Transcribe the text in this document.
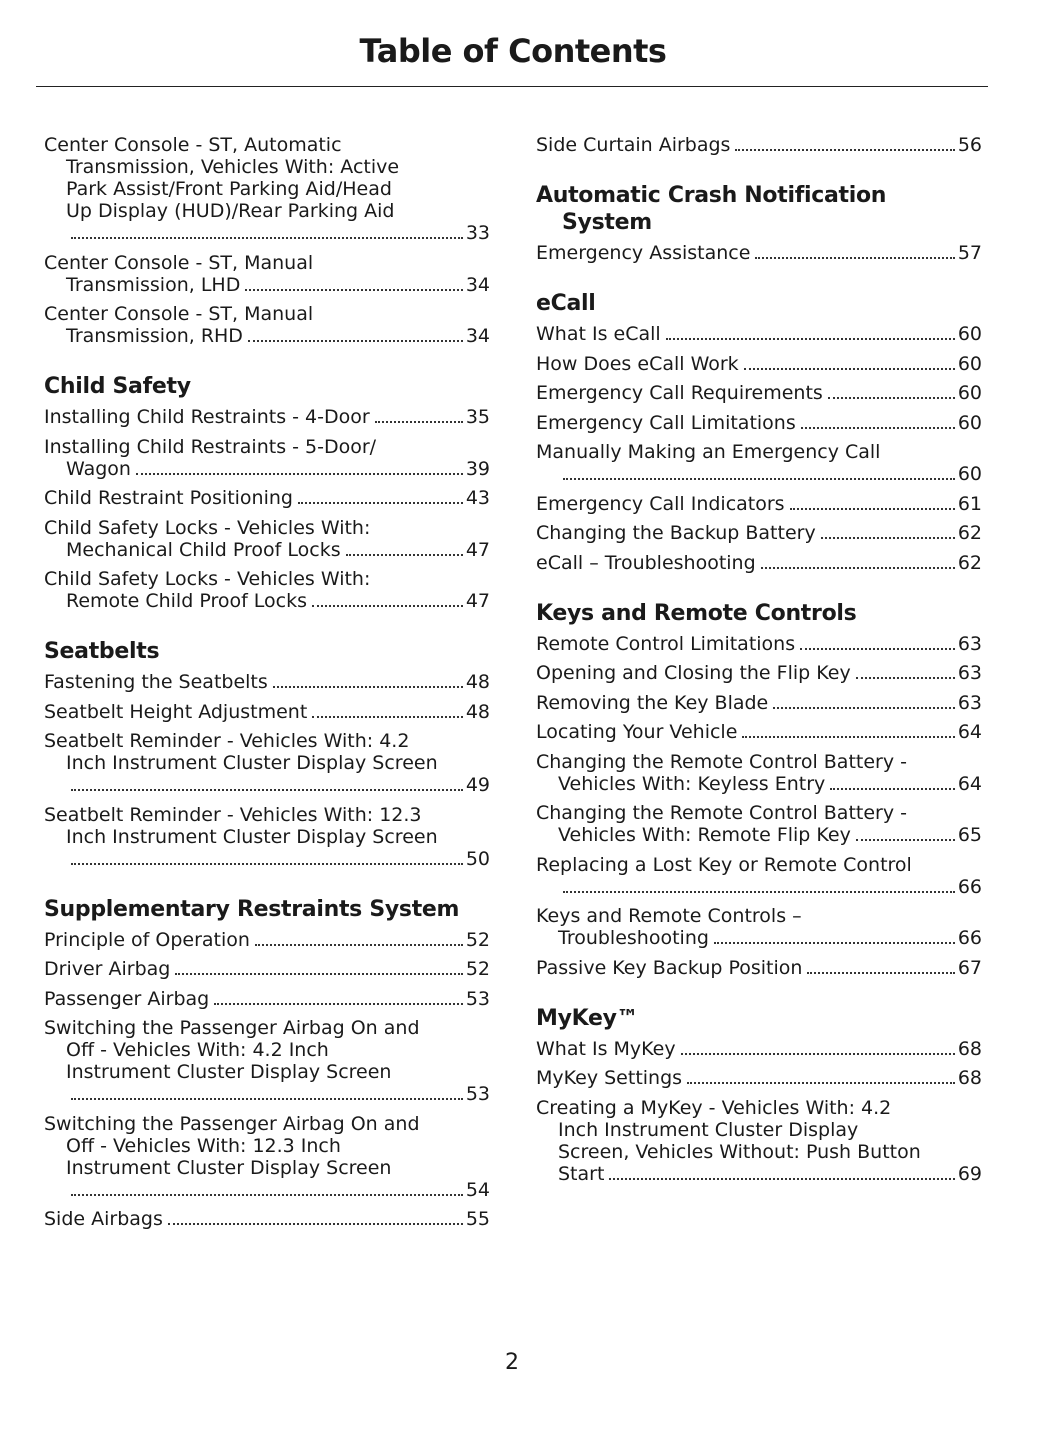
Table of Contents
Center Console - ST, Automatic
Transmission, Vehicles With: Active
Park Assist/Front Parking Aid/Head
Up Display (HUD)/Rear Parking Aid
33
Center Console - ST, Manual
Transmission, LHD	34
Center Console - ST, Manual
Transmission, RHD	34
Child Safety
Installing Child Restraints - 4-Door	35
Installing Child Restraints - 5-Door/
Wagon	39
Child Restraint Positioning	43
Child Safety Locks - Vehicles With:
Mechanical Child Proof Locks	47
Child Safety Locks - Vehicles With:
Remote Child Proof Locks	47
Seatbelts
Fastening the Seatbelts	48
Seatbelt Height Adjustment	48
Seatbelt Reminder - Vehicles With: 4.2
Inch Instrument Cluster Display Screen
49
Seatbelt Reminder - Vehicles With: 12.3
Inch Instrument Cluster Display Screen
50
Supplementary Restraints System
Principle of Operation	52
Driver Airbag	52
Passenger Airbag	53
Switching the Passenger Airbag On and
Off - Vehicles With: 4.2 Inch
Instrument Cluster Display Screen
53
Switching the Passenger Airbag On and
Off - Vehicles With: 12.3 Inch
Instrument Cluster Display Screen
54
Side Airbags	55
Side Curtain Airbags	56
Automatic Crash Notification System
Emergency Assistance	57
eCall
What Is eCall	60
How Does eCall Work	60
Emergency Call Requirements	60
Emergency Call Limitations	60
Manually Making an Emergency Call
60
Emergency Call Indicators	61
Changing the Backup Battery	62
eCall – Troubleshooting	62
Keys and Remote Controls
Remote Control Limitations	63
Opening and Closing the Flip Key	63
Removing the Key Blade	63
Locating Your Vehicle	64
Changing the Remote Control Battery -
Vehicles With: Keyless Entry	64
Changing the Remote Control Battery -
Vehicles With: Remote Flip Key	65
Replacing a Lost Key or Remote Control
66
Keys and Remote Controls –
Troubleshooting	66
Passive Key Backup Position	67
MyKey™
What Is MyKey	68
MyKey Settings	68
Creating a MyKey - Vehicles With: 4.2
Inch Instrument Cluster Display
Screen, Vehicles Without: Push Button
Start	69
2
